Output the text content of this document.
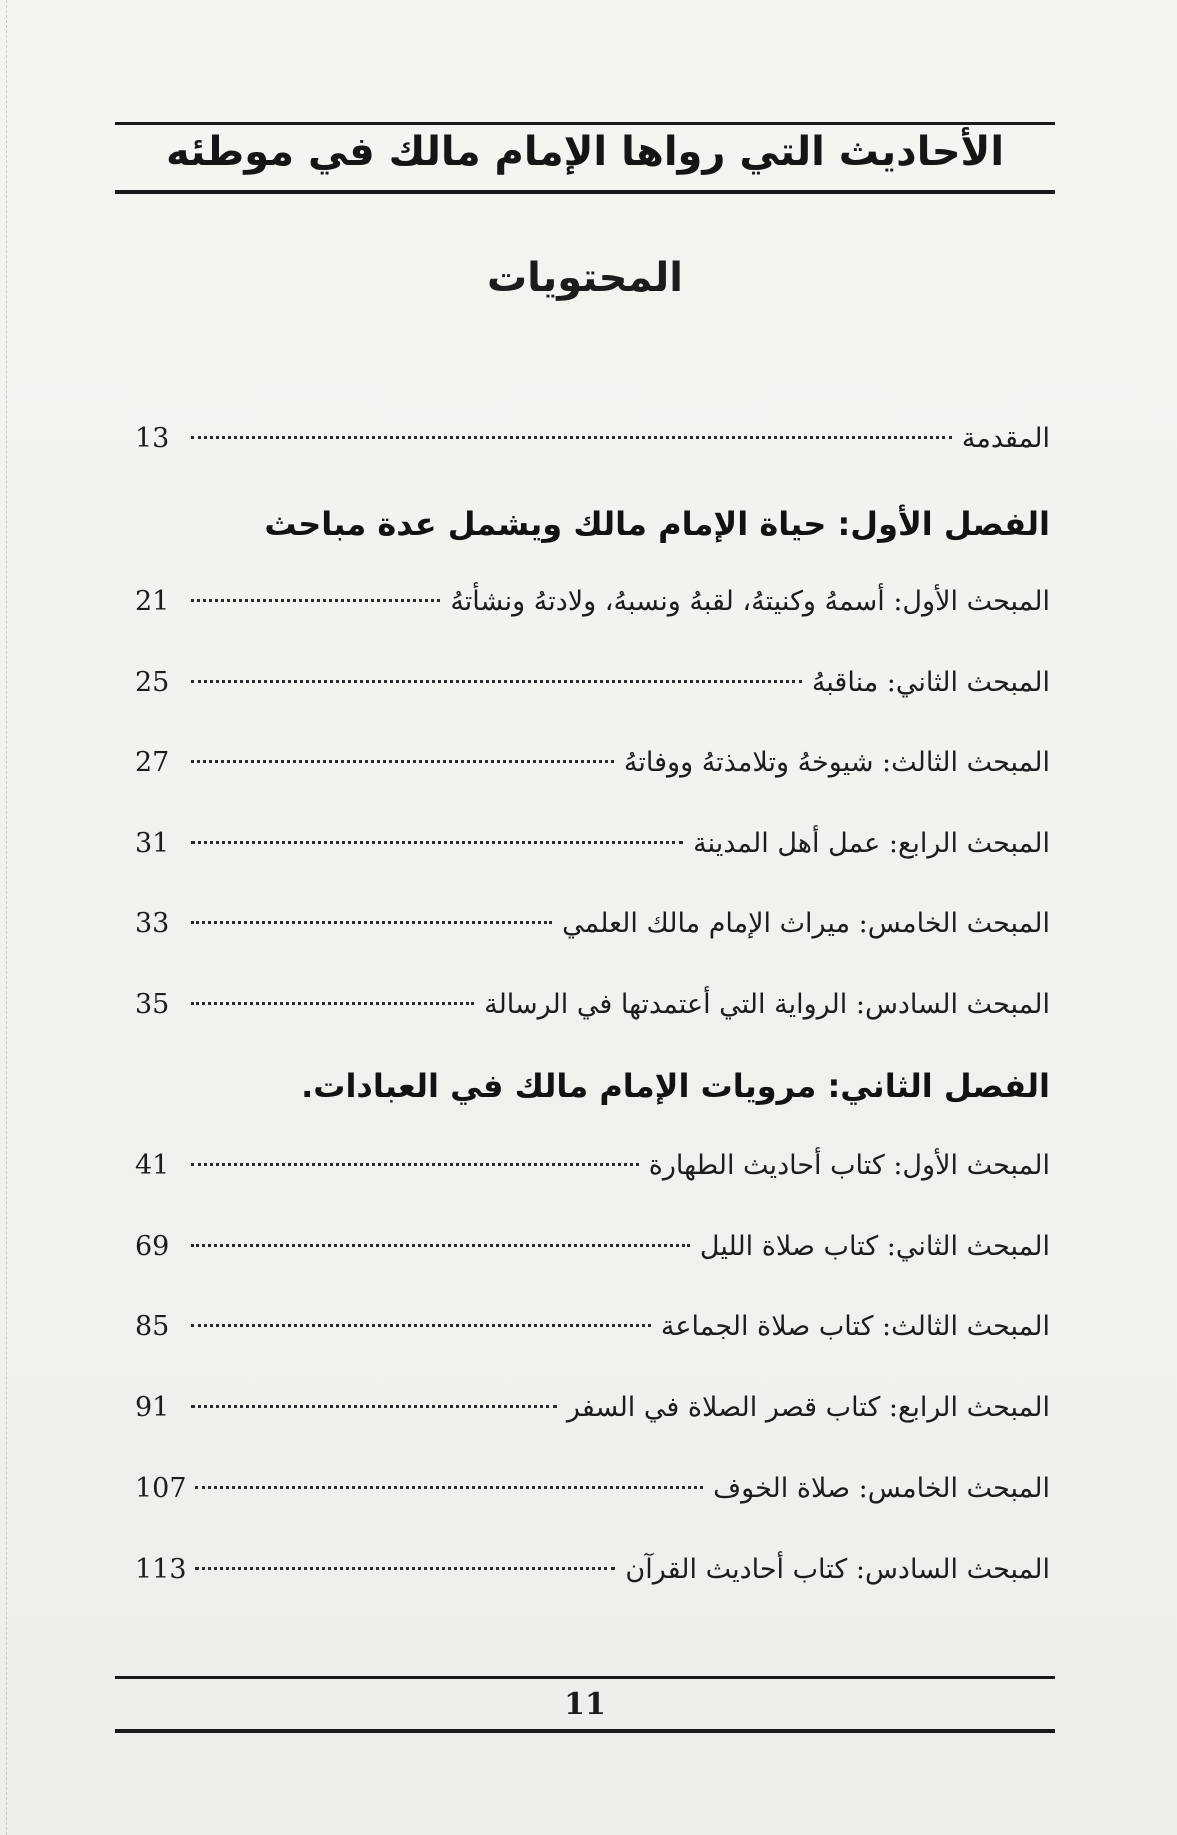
الأحاديث التي رواها الإمام مالك في موطئه
المحتويات
المقدمة
13
الفصل الأول: حياة الإمام مالك ويشمل عدة مباحث
المبحث الأول: أسمهُ وكنيتهُ، لقبهُ ونسبهُ، ولادتهُ ونشأتهُ
21
المبحث الثاني: مناقبهُ
25
المبحث الثالث: شيوخهُ وتلامذتهُ ووفاتهُ
27
المبحث الرابع: عمل أهل المدينة
31
المبحث الخامس: ميراث الإمام مالك العلمي
33
المبحث السادس: الرواية التي أعتمدتها في الرسالة
35
الفصل الثاني: مرويات الإمام مالك في العبادات.
المبحث الأول: كتاب أحاديث الطهارة
41
المبحث الثاني: كتاب صلاة الليل
69
المبحث الثالث: كتاب صلاة الجماعة
85
المبحث الرابع: كتاب قصر الصلاة في السفر
91
المبحث الخامس: صلاة الخوف
107
المبحث السادس: كتاب أحاديث القرآن
113
11
